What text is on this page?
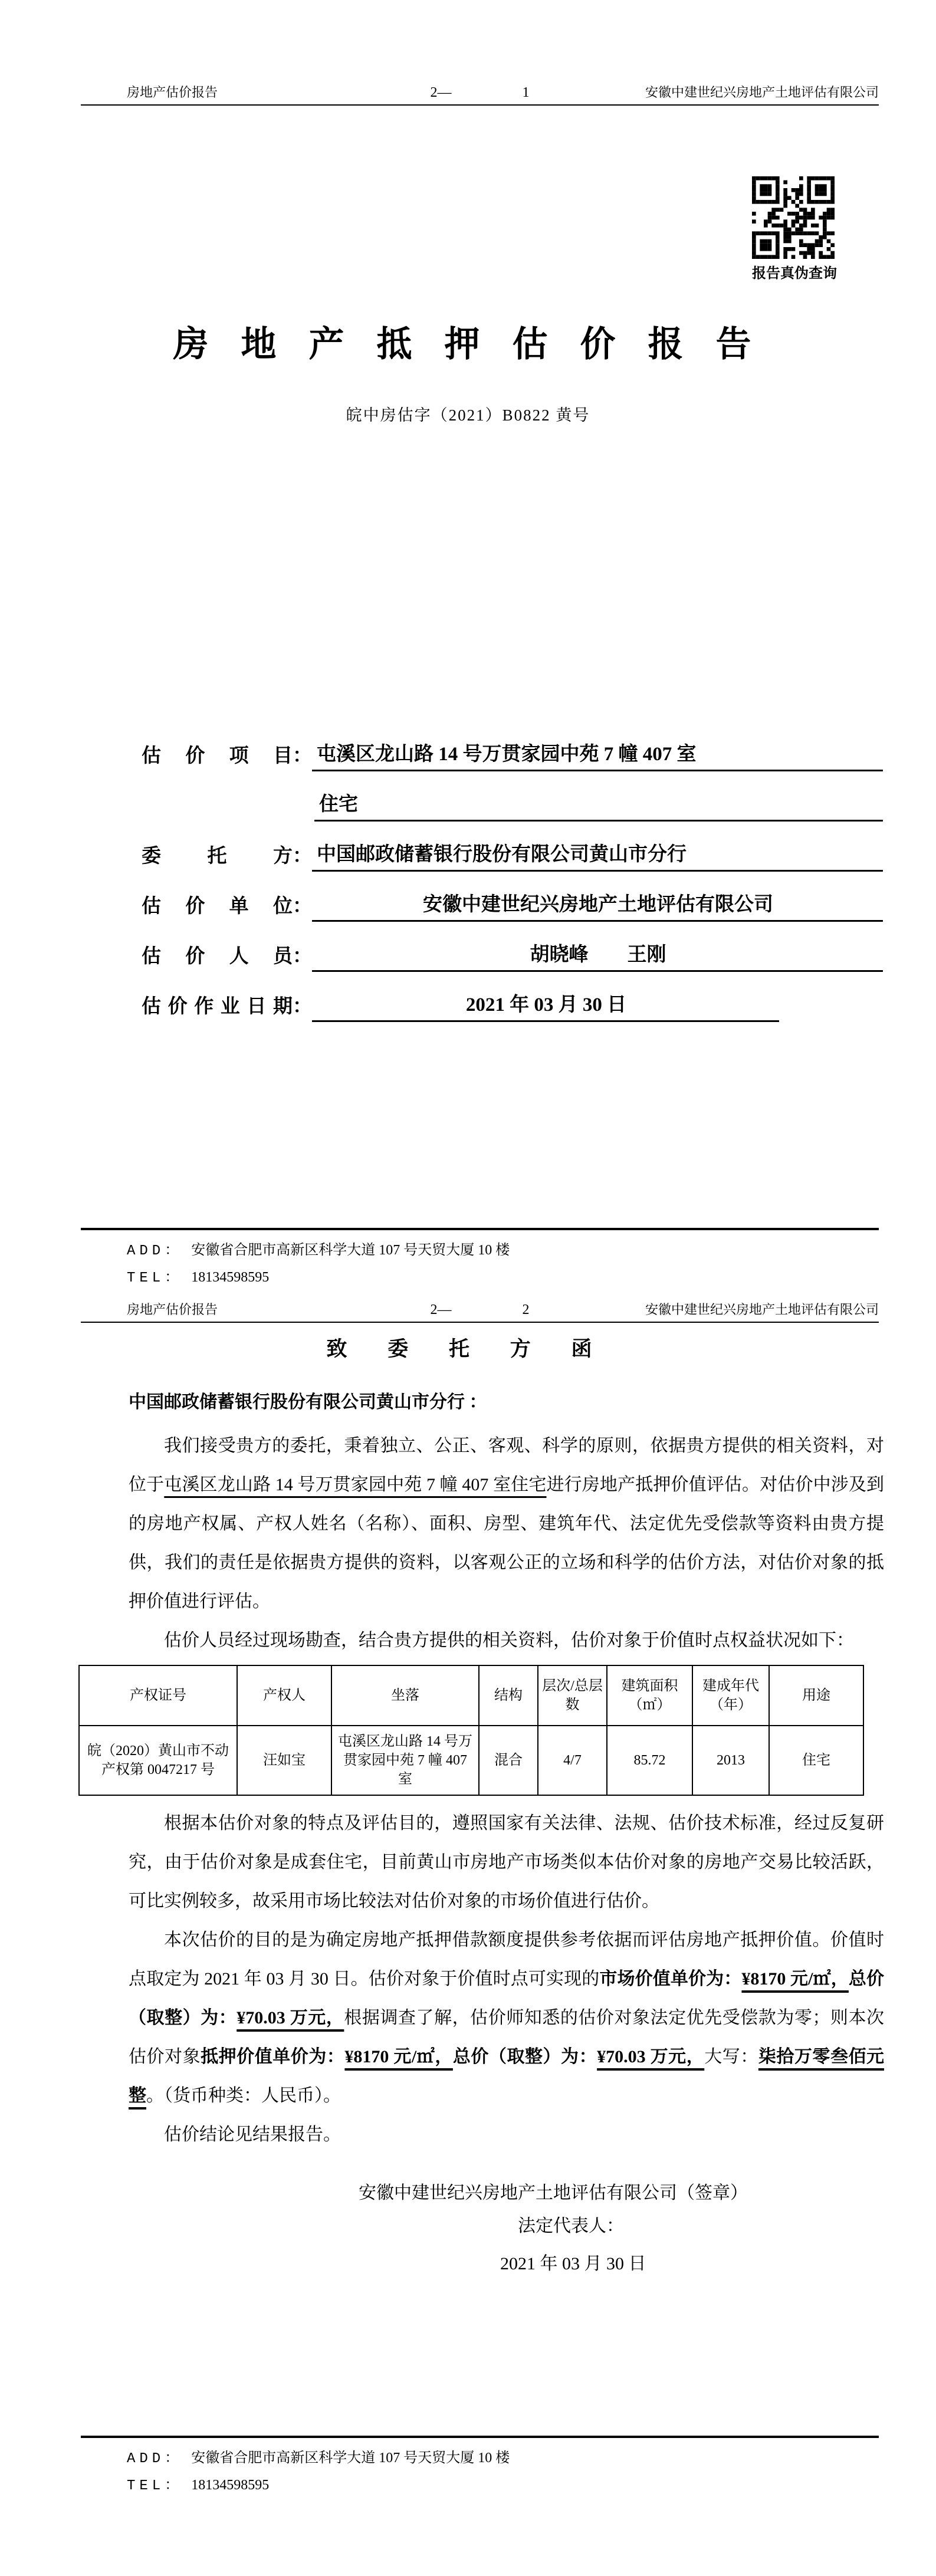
房地产估价报告	2—	1	安徽中建世纪兴房地产土地评估有限公司
报告真伪查询
房 地 产 抵 押 估 价 报 告
皖中房估字（2021）B0822 黄号
估 价 项 目 ： 屯溪区龙山路 14 号万贯家园中苑 7 幢 407 室
住宅
委 托 方 ： 中国邮政储蓄银行股份有限公司黄山市分行
估 价 单 位 ：	安徽中建世纪兴房地产土地评估有限公司
估 价 人 员 ：	胡晓峰　　王刚
估价作业日期 ：	2021 年 03 月 30 日
ADD： 安徽省合肥市高新区科学大道 107 号天贸大厦 10 楼
TEL： 18134598595
房地产估价报告	2—	2	安徽中建世纪兴房地产土地评估有限公司
致 委 托 方 函
中国邮政储蓄银行股份有限公司黄山市分行 ：

我们接受贵方的委托，秉着独立、公正、客观、科学的原则，依据贵方提供的相关资料，对位于屯溪区龙山路 14 号万贯家园中苑 7 幢 407 室住宅进行房地产抵押价值评估。对估价中涉及到的房地产权属、产权人姓名（名称）、面积、房型、建筑年代、法定优先受偿款等资料由贵方提供，我们的责任是依据贵方提供的资料，以客观公正的立场和科学的估价方法，对估价对象的抵押价值进行评估。

估价人员经过现场勘查，结合贵方提供的相关资料，估价对象于价值时点权益状况如下：

产权证号	产权人	坐落	结构	层次/总层数	建筑面积（㎡）	建成年代（年）	用途
皖（2020）黄山市不动产权第 0047217 号	汪如宝	屯溪区龙山路 14 号万贯家园中苑 7 幢 407 室	混合	4/7	85.72	2013	住宅

根据本估价对象的特点及评估目的，遵照国家有关法律、法规、估价技术标准，经过反复研究，由于估价对象是成套住宅，目前黄山市房地产市场类似本估价对象的房地产交易比较活跃，可比实例较多，故采用市场比较法对估价对象的市场价值进行估价。

本次估价的目的是为确定房地产抵押借款额度提供参考依据而评估房地产抵押价值。价值时点取定为 2021 年 03 月 30 日。估价对象于价值时点可实现的市场价值单价为：¥8170 元/㎡，总价（取整）为：¥70.03 万元，根据调查了解，估价师知悉的估价对象法定优先受偿款为零；则本次估价对象抵押价值单价为：¥8170 元/㎡，总价（取整）为：¥70.03 万元，大写：柒拾万零叁佰元整。（货币种类：人民币）。

估价结论见结果报告。

安徽中建世纪兴房地产土地评估有限公司（签章）
法定代表人：
2021 年 03 月 30 日
ADD： 安徽省合肥市高新区科学大道 107 号天贸大厦 10 楼
TEL： 18134598595
